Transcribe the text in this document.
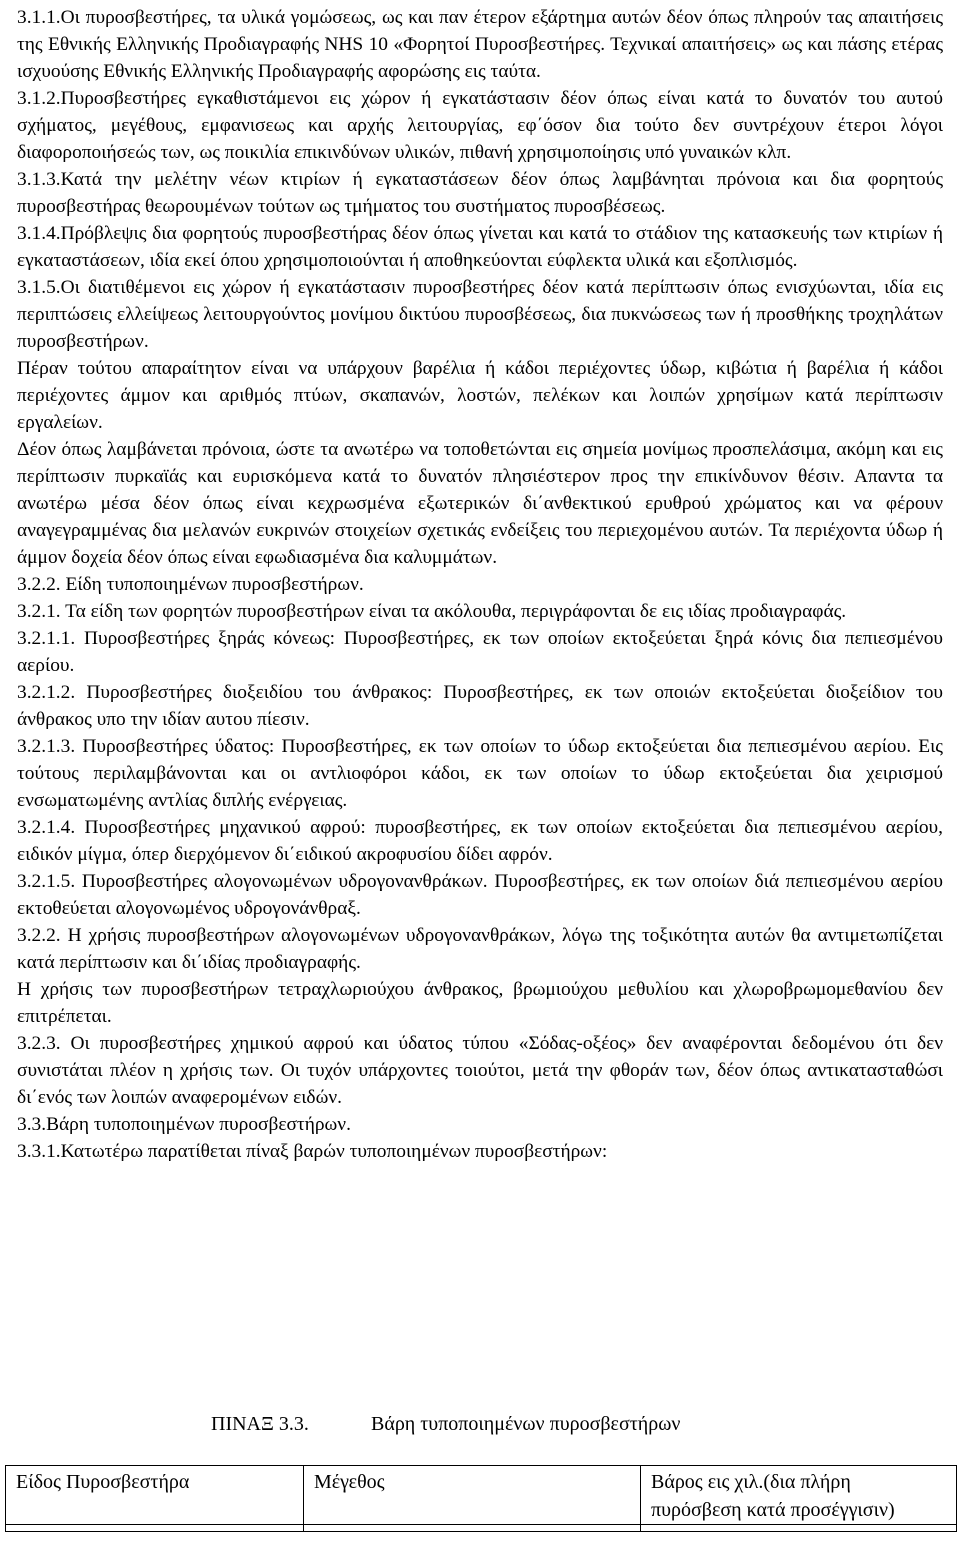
3.1.1.Οι πυροσβεστήρες, τα υλικά γομώσεως, ως και παν έτερον εξάρτημα αυτών δέον όπως πληρούν τας απαιτήσεις της Εθνικής Ελληνικής Προδιαγραφής NHS 10 «Φορητοί Πυροσβεστήρες. Τεχνικαί απαιτήσεις» ως και πάσης ετέρας ισχυούσης Εθνικής Ελληνικής Προδιαγραφής αφορώσης εις ταύτα.

3.1.2.Πυροσβεστήρες εγκαθιστάμενοι εις χώρον ή εγκατάστασιν δέον όπως είναι κατά το δυνατόν του αυτού σχήματος, μεγέθους, εμφανισεως και αρχής λειτουργίας, εφ΄όσον δια τούτο δεν συντρέχουν έτεροι λόγοι διαφοροποιήσεώς των, ως ποικιλία επικινδύνων υλικών, πιθανή χρησιμοποίησις υπό γυναικών κλπ.

3.1.3.Κατά την μελέτην νέων κτιρίων ή εγκαταστάσεων δέον όπως λαμβάνηται πρόνοια και δια φορητούς πυροσβεστήρας θεωρουμένων τούτων ως τμήματος του συστήματος πυροσβέσεως.

3.1.4.Πρόβλεψις δια φορητούς πυροσβεστήρας δέον όπως γίνεται και κατά το στάδιον της κατασκευής των κτιρίων ή εγκαταστάσεων, ιδία εκεί όπου χρησιμοποιούνται ή αποθηκεύονται εύφλεκτα υλικά και εξοπλισμός.

3.1.5.Οι διατιθέμενοι εις χώρον ή εγκατάστασιν πυροσβεστήρες δέον κατά περίπτωσιν όπως ενισχύωνται, ιδία εις περιπτώσεις ελλείψεως λειτουργούντος μονίμου δικτύου πυροσβέσεως, δια πυκνώσεως των ή προσθήκης τροχηλάτων πυροσβεστήρων.

Πέραν τούτου απαραίτητον είναι να υπάρχουν βαρέλια ή κάδοι περιέχοντες ύδωρ, κιβώτια ή βαρέλια ή κάδοι περιέχοντες άμμον και αριθμός πτύων, σκαπανών, λοστών, πελέκων και λοιπών χρησίμων κατά περίπτωσιν εργαλείων.

Δέον όπως λαμβάνεται πρόνοια, ώστε τα ανωτέρω να τοποθετώνται εις σημεία μονίμως προσπελάσιμα, ακόμη και εις περίπτωσιν πυρκαϊάς και ευρισκόμενα κατά το δυνατόν πλησιέστερον προς την επικίνδυνον θέσιν. Απαντα τα ανωτέρω μέσα δέον όπως είναι κεχρωσμένα εξωτερικών δι΄ανθεκτικού ερυθρού χρώματος και να φέρουν αναγεγραμμένας δια μελανών ευκρινών στοιχείων σχετικάς ενδείξεις του περιεχομένου αυτών. Τα περιέχοντα ύδωρ ή άμμον δοχεία δέον όπως είναι εφωδιασμένα δια καλυμμάτων.

3.2.2. Είδη τυποποιημένων πυροσβεστήρων.

3.2.1. Τα είδη των φορητών πυροσβεστήρων είναι τα ακόλουθα, περιγράφονται δε εις ιδίας προδιαγραφάς.

3.2.1.1. Πυροσβεστήρες ξηράς κόνεως: Πυροσβεστήρες, εκ των οποίων εκτοξεύεται ξηρά κόνις δια πεπιεσμένου αερίου.

3.2.1.2. Πυροσβεστήρες διοξειδίου του άνθρακος: Πυροσβεστήρες, εκ των οποιών εκτοξεύεται διοξείδιον του άνθρακος υπο την ιδίαν αυτου πίεσιν.

3.2.1.3. Πυροσβεστήρες ύδατος: Πυροσβεστήρες, εκ των οποίων το ύδωρ εκτοξεύεται δια πεπιεσμένου αερίου. Εις τούτους περιλαμβάνονται και οι αντλιοφόροι κάδοι, εκ των οποίων το ύδωρ εκτοξεύεται δια χειρισμού ενσωματωμένης αντλίας διπλής ενέργειας.

3.2.1.4. Πυροσβεστήρες μηχανικού αφρού: πυροσβεστήρες, εκ των οποίων εκτοξεύεται δια πεπιεσμένου αερίου, ειδικόν μίγμα, όπερ διερχόμενον δι΄ειδικού ακροφυσίου δίδει αφρόν.

3.2.1.5. Πυροσβεστήρες αλογονωμένων υδρογονανθράκων. Πυροσβεστήρες, εκ των οποίων διά πεπιεσμένου αερίου εκτοθεύεται αλογονωμένος υδρογονάνθραξ.

3.2.2. Η χρήσις πυροσβεστήρων αλογονωμένων υδρογονανθράκων, λόγω της τοξικότητα αυτών θα αντιμετωπίζεται κατά περίπτωσιν και δι΄ιδίας προδιαγραφής.

Η χρήσις των πυροσβεστήρων τετραχλωριούχου άνθρακος, βρωμιούχου μεθυλίου και χλωροβρωμομεθανίου δεν επιτρέπεται.

3.2.3. Οι πυροσβεστήρες χημικού αφρού και ύδατος τύπου «Σόδας-οξέος» δεν αναφέρονται δεδομένου ότι δεν συνιστάται πλέον η χρήσις των. Οι τυχόν υπάρχοντες τοιούτοι, μετά την φθοράν των, δέον όπως αντικατασταθώσι δι΄ενός των λοιπών αναφερομένων ειδών.

3.3.Βάρη τυποποιημένων πυροσβεστήρων.

3.3.1.Κατωτέρω παρατίθεται πίναξ βαρών τυποποιημένων πυροσβεστήρων:

ΠΙΝΑΞ 3.3.	Βάρη τυποποιημένων πυροσβεστήρων
Είδος Πυροσβεστήρα	Μέγεθος	Βάρος εις χιλ.(δια πλήρη πυρόσβεση κατά προσέγγισιν)
